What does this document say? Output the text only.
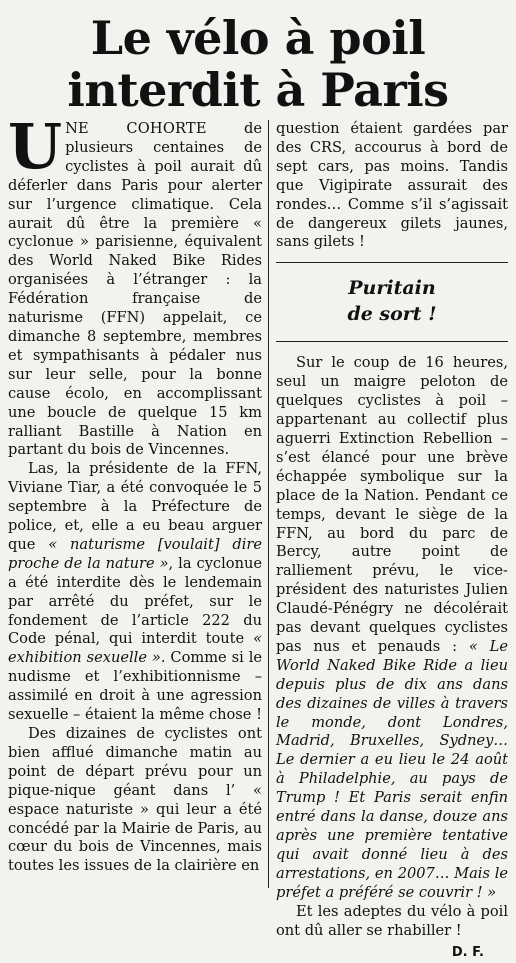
Le vélo à poil
interdit à Paris

UNE COHORTE de plusieurs centaines de cyclistes à poil aurait dû déferler dans Paris pour alerter sur l’urgence climatique. Cela aurait dû être la première « cyclonue » parisienne, équivalent des World Naked Bike Rides organisées à l’étranger : la Fédération française de naturisme (FFN) appelait, ce dimanche 8 septembre, membres et sympathisants à pédaler nus sur leur selle, pour la bonne cause écolo, en accomplissant une boucle de quelque 15 km ralliant Bastille à Nation en partant du bois de Vincennes.

Las, la présidente de la FFN, Viviane Tiar, a été convoquée le 5 septembre à la Préfecture de police, et, elle a eu beau arguer que « naturisme [voulait] dire proche de la nature », la cyclonue a été interdite dès le lendemain par arrêté du préfet, sur le fondement de l’article 222 du Code pénal, qui interdit toute « exhibition sexuelle ». Comme si le nudisme et l’exhibitionnisme – assimilé en droit à une agression sexuelle – étaient la même chose !

Des dizaines de cyclistes ont bien afflué dimanche matin au point de départ prévu pour un pique-nique géant dans l’ « espace naturiste » qui leur a été concédé par la Mairie de Paris, au cœur du bois de Vincennes, mais toutes les issues de la clairière en

question étaient gardées par des CRS, accourus à bord de sept cars, pas moins. Tandis que Vigipirate assurait des rondes… Comme s’il s’agissait de dangereux gilets jaunes, sans gilets !

Puritain
de sort !

Sur le coup de 16 heures, seul un maigre peloton de quelques cyclistes à poil – appartenant au collectif plus aguerri Extinction Rebellion – s’est élancé pour une brève échappée symbolique sur la place de la Nation. Pendant ce temps, devant le siège de la FFN, au bord du parc de Bercy, autre point de ralliement prévu, le vice-président des naturistes Julien Claudé-Pénégry ne décolérait pas devant quelques cyclistes pas nus et penauds : « Le World Naked Bike Ride a lieu depuis plus de dix ans dans des dizaines de villes à travers le monde, dont Londres, Madrid, Bruxelles, Sydney… Le dernier a eu lieu le 24 août à Philadelphie, au pays de Trump ! Et Paris serait enfin entré dans la danse, douze ans après une première tentative qui avait donné lieu à des arrestations, en 2007… Mais le préfet a préféré se couvrir ! »

Et les adeptes du vélo à poil ont dû aller se rhabiller !

D. F.
